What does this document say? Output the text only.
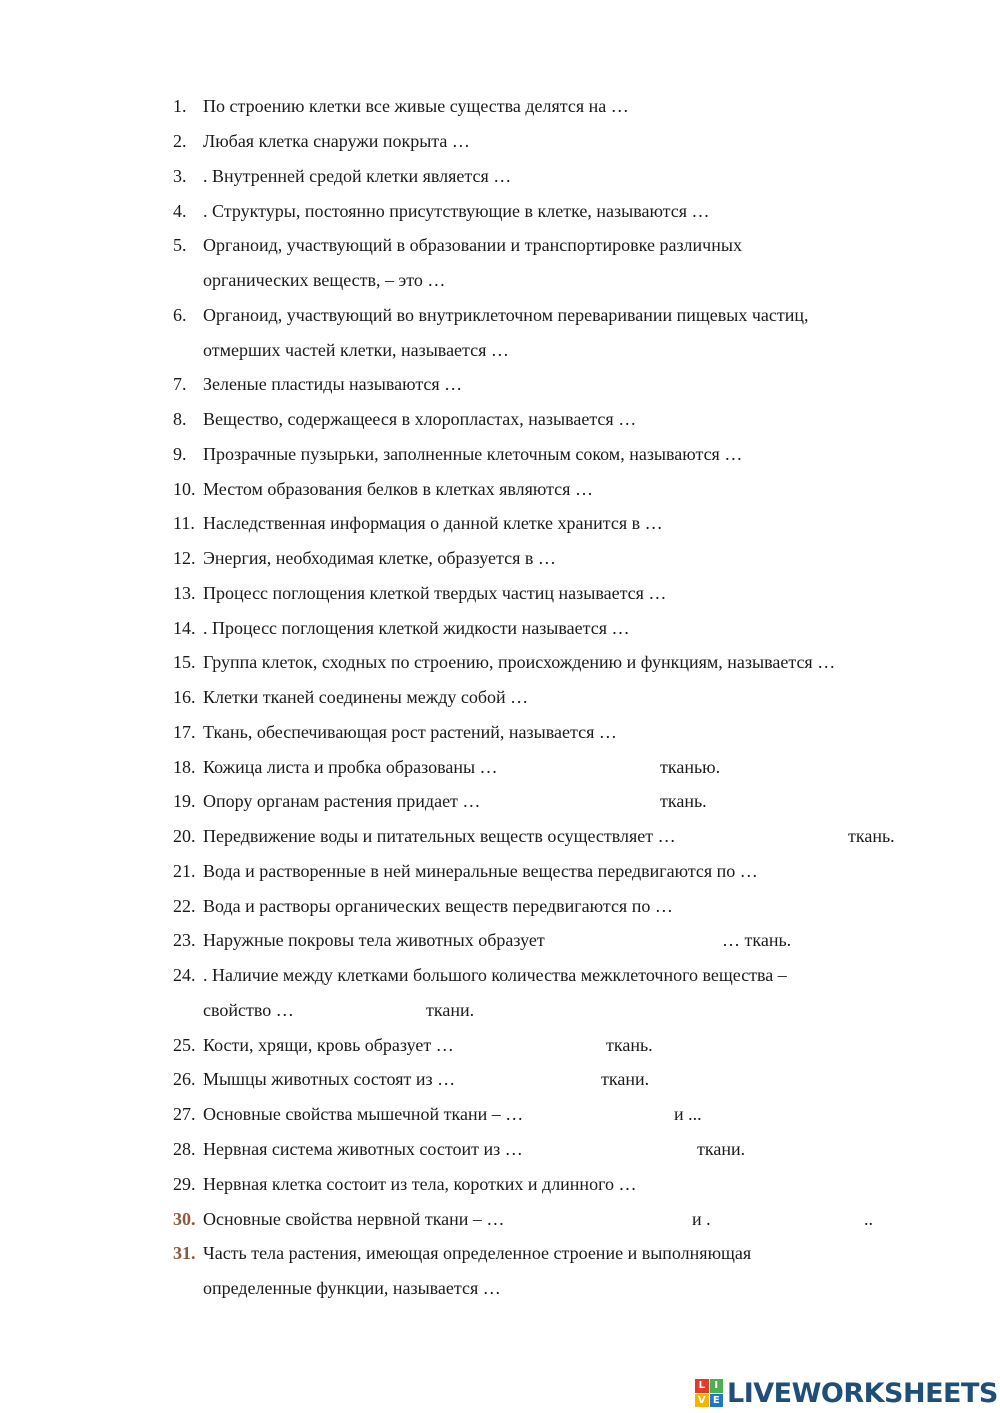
1. По строению клетки все живые существа делятся на …
2. Любая клетка снаружи покрыта …
3. . Внутренней средой клетки является …
4. . Структуры, постоянно присутствующие в клетке, называются …
5. Органоид, участвующий в образовании и транспортировке различных
органических веществ, – это …
6. Органоид, участвующий во внутриклеточном переваривании пищевых частиц,
отмерших частей клетки, называется …
7. Зеленые пластиды называются …
8. Вещество, содержащееся в хлоропластах, называется …
9. Прозрачные пузырьки, заполненные клеточным соком, называются …
10. Местом образования белков в клетках являются …
11. Наследственная информация о данной клетке хранится в …
12. Энергия, необходимая клетке, образуется в …
13. Процесс поглощения клеткой твердых частиц называется …
14. . Процесс поглощения клеткой жидкости называется …
15. Группа клеток, сходных по строению, происхождению и функциям, называется …
16. Клетки тканей соединены между собой …
17. Ткань, обеспечивающая рост растений, называется …
18. Кожица листа и пробка образованы …	тканью.
19. Опору органам растения придает …	ткань.
20. Передвижение воды и питательных веществ осуществляет …	ткань.
21. Вода и растворенные в ней минеральные вещества передвигаются по …
22. Вода и растворы органических веществ передвигаются по …
23. Наружные покровы тела животных образует	… ткань.
24. . Наличие между клетками большого количества межклеточного вещества –
свойство …	ткани.
25. Кости, хрящи, кровь образует …	ткань.
26. Мышцы животных состоят из …	ткани.
27. Основные свойства мышечной ткани – …	и ...
28. Нервная система животных состоит из …	ткани.
29. Нервная клетка состоит из тела, коротких и длинного …
30. Основные свойства нервной ткани – …	и .	..
31. Часть тела растения, имеющая определенное строение и выполняющая
определенные функции, называется …
L I
V E LIVEWORKSHEETS
